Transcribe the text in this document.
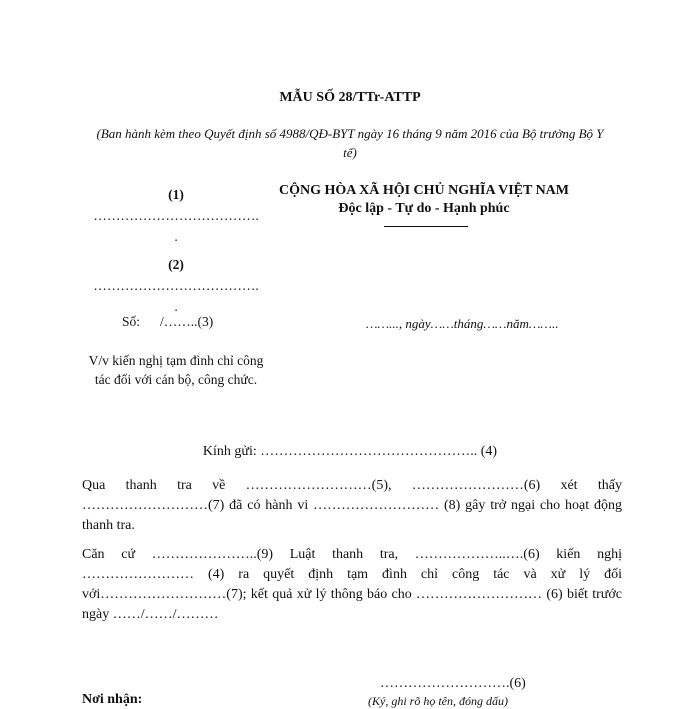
MẪU SỐ 28/TTr-ATTP
(Ban hành kèm theo Quyết định số 4988/QĐ-BYT ngày 16 tháng 9 năm 2016 của Bộ trưởng Bộ Y tế)
(1)
……………………………….
.
(2)
……………………………….
.
Số: /……..(3)
V/v kiến nghị tạm đình chỉ công tác đối với cán bộ, công chức.
CỘNG HÒA XÃ HỘI CHỦ NGHĨA VIỆT NAM
Độc lập - Tự do - Hạnh phúc
……..., ngày……tháng……năm……..
Kính gửi: ……………………………………….. (4)
Qua thanh tra về ………………………(5), ……………………(6) xét thấy ………………………(7) đã có hành vi ……………………… (8) gây trở ngại cho hoạt động thanh tra.
Căn cứ …………………..(9) Luật thanh tra, ………………..….(6) kiến nghị …………………… (4) ra quyết định tạm đình chỉ công tác và xử lý đối với………………………(7); kết quả xử lý thông báo cho ……………………… (6) biết trước ngày ……/……/………
……………………….(6)
Nơi nhận:	(Ký, ghi rõ họ tên, đóng dấu)
